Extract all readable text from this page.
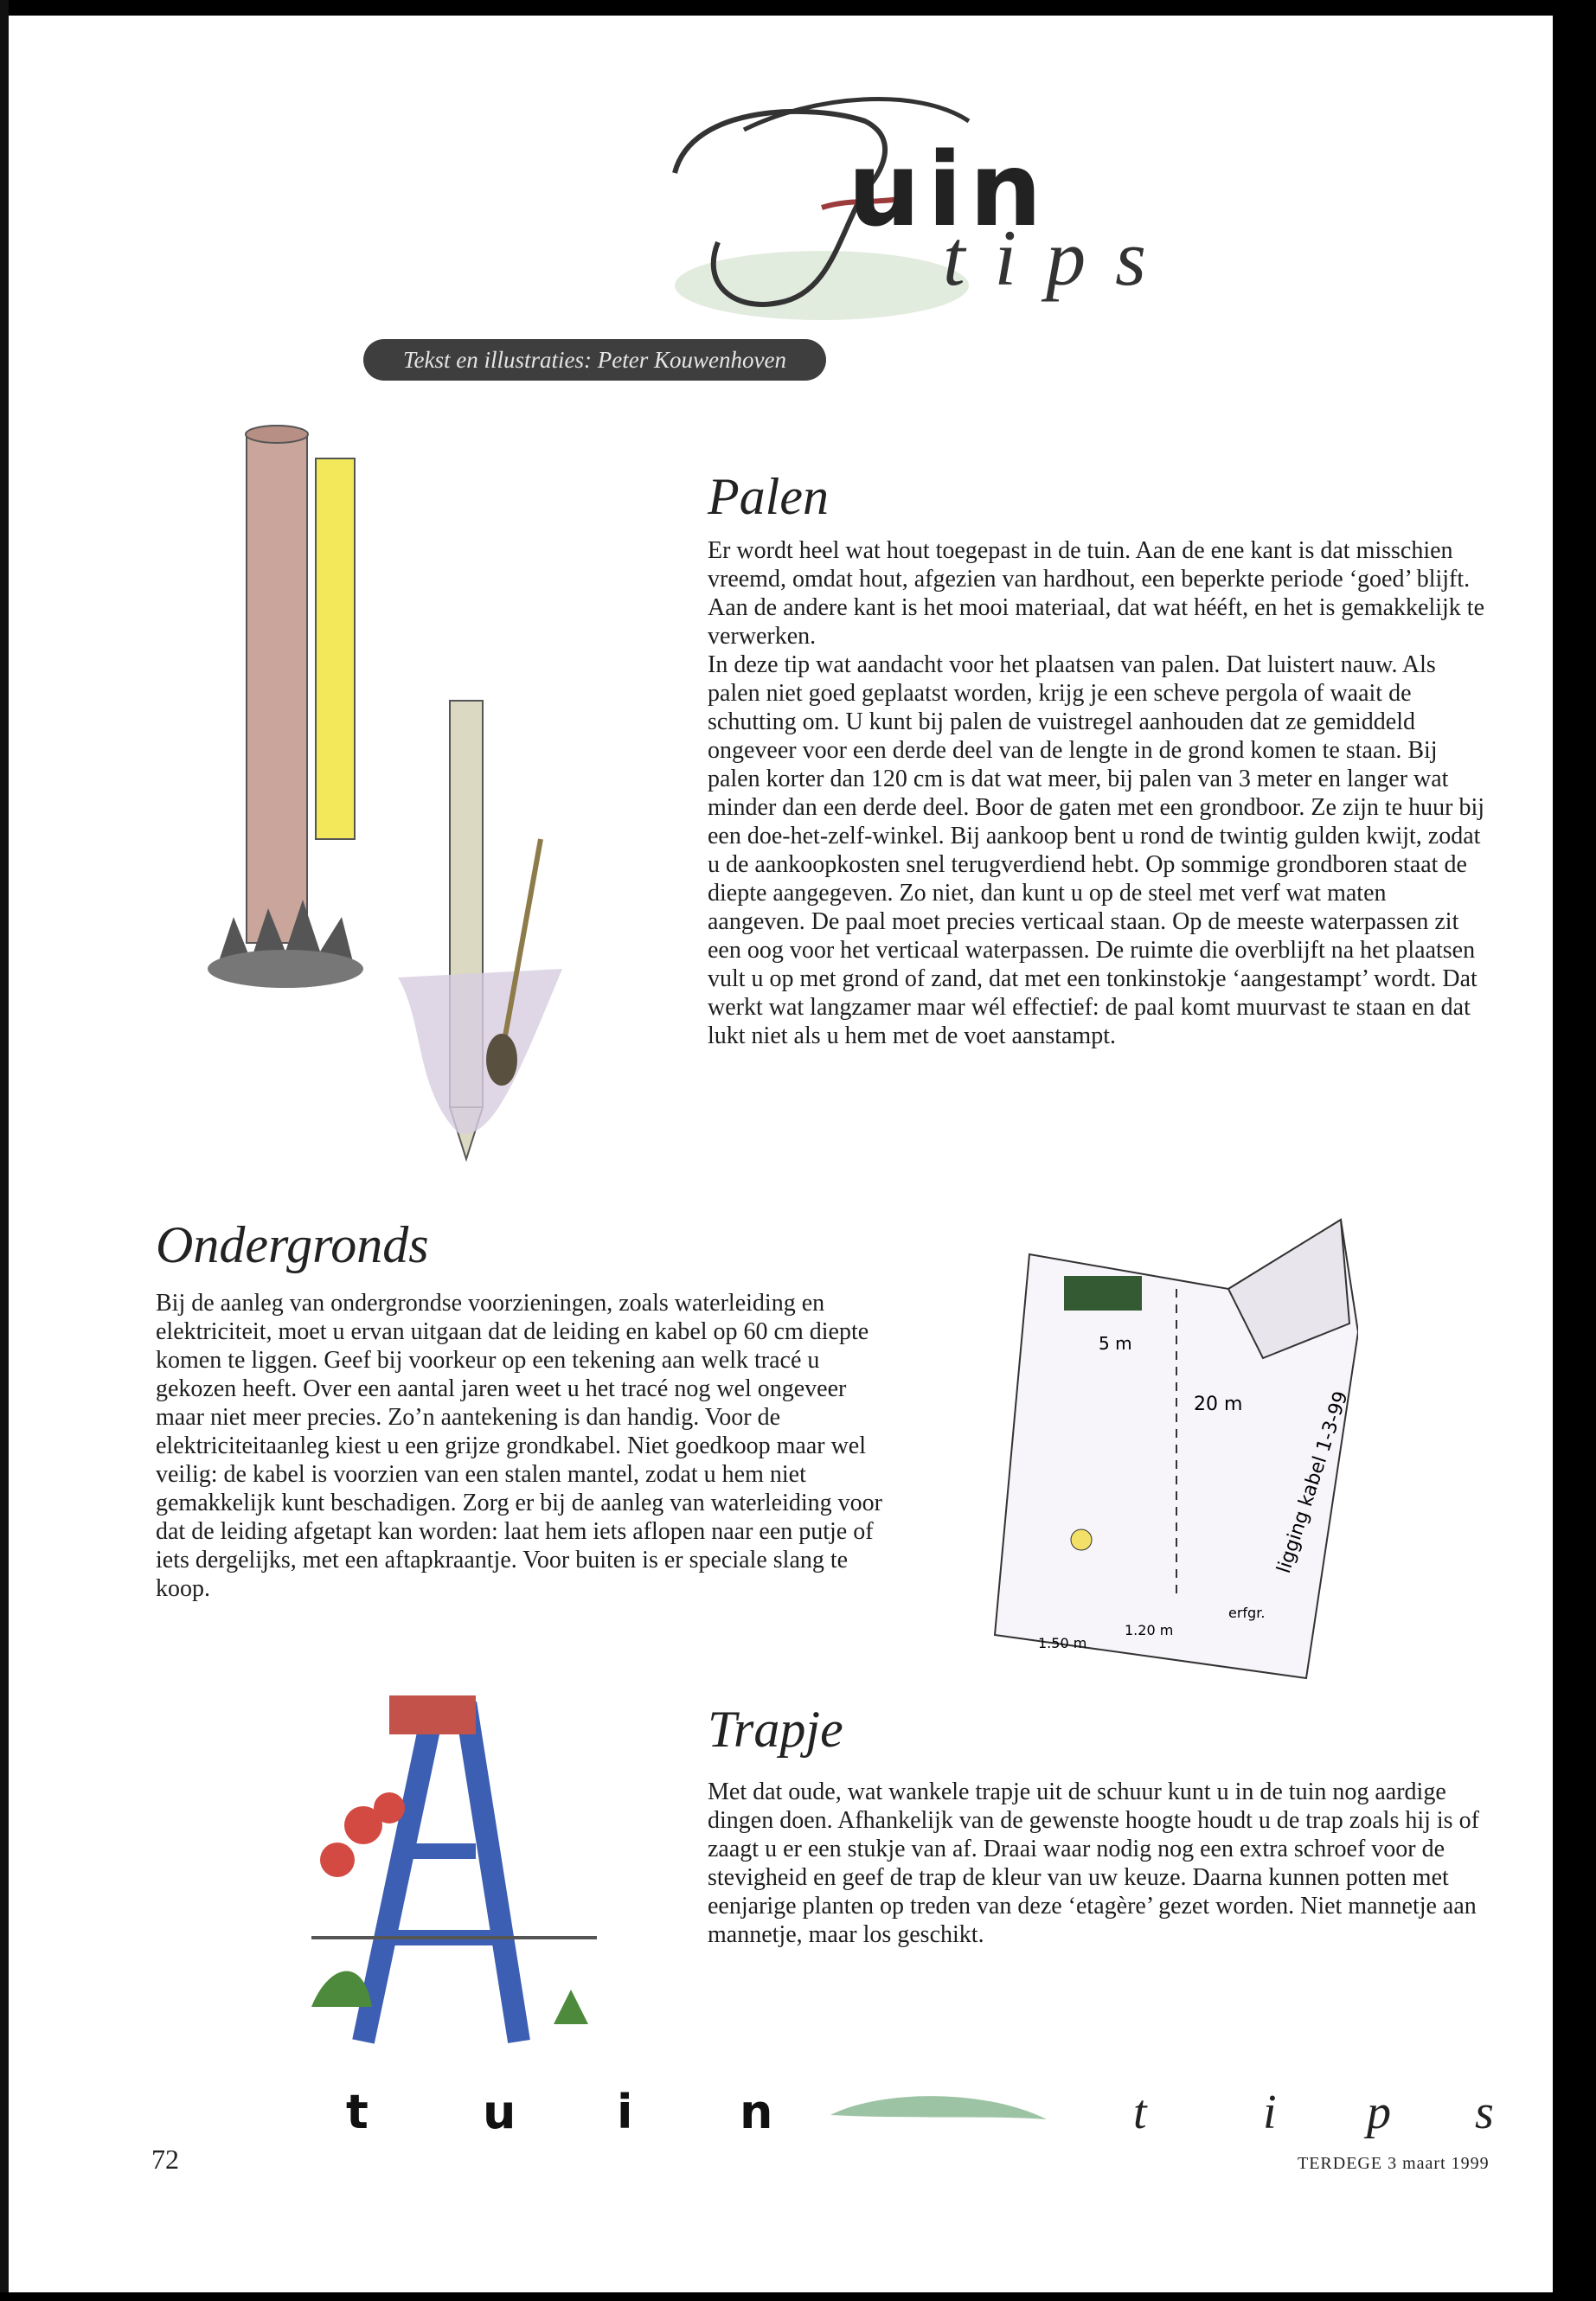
uin
tips
Tekst en illustraties: Peter Kouwenhoven
Palen

Er wordt heel wat hout toegepast in de tuin. Aan de ene kant is dat misschien vreemd, omdat hout, afgezien van hardhout, een beperkte periode ‘goed’ blijft. Aan de andere kant is het mooi materiaal, dat wat hééft, en het is gemakkelijk te verwerken.

In deze tip wat aandacht voor het plaatsen van palen. Dat luistert nauw. Als palen niet goed geplaatst worden, krijg je een scheve pergola of waait de schutting om. U kunt bij palen de vuistregel aanhouden dat ze gemiddeld ongeveer voor een derde deel van de lengte in de grond komen te staan. Bij palen korter dan 120 cm is dat wat meer, bij palen van 3 meter en langer wat minder dan een derde deel. Boor de gaten met een grondboor. Ze zijn te huur bij een doe-het-zelf-winkel. Bij aankoop bent u rond de twintig gulden kwijt, zodat u de aankoopkosten snel terugverdiend hebt. Op sommige grondboren staat de diepte aangegeven. Zo niet, dan kunt u op de steel met verf wat maten aangeven. De paal moet precies verticaal staan. Op de meeste waterpassen zit een oog voor het verticaal waterpassen. De ruimte die overblijft na het plaatsen vult u op met grond of zand, dat met een tonkinstokje ‘aangestampt’ wordt. Dat werkt wat langzamer maar wél effectief: de paal komt muurvast te staan en dat lukt niet als u hem met de voet aanstampt.

Ondergronds

Bij de aanleg van ondergrondse voorzieningen, zoals waterleiding en elektriciteit, moet u ervan uitgaan dat de leiding en kabel op 60 cm diepte komen te liggen. Geef bij voorkeur op een tekening aan welk tracé u gekozen heeft. Over een aantal jaren weet u het tracé nog wel ongeveer maar niet meer precies. Zo’n aantekening is dan handig. Voor de elektriciteitaanleg kiest u een grijze grondkabel. Niet goedkoop maar wel veilig: de kabel is voorzien van een stalen mantel, zodat u hem niet gemakkelijk kunt beschadigen. Zorg er bij de aanleg van waterleiding voor dat de leiding afgetapt kan worden: laat hem iets aflopen naar een putje of iets dergelijks, met een aftapkraantje. Voor buiten is er speciale slang te koop.

5 m
20 m ligging kabel 1-3-99
1.20 m
1.50 m
erfgr.
Trapje

Met dat oude, wat wankele trapje uit de schuur kunt u in de tuin nog aardige dingen doen. Afhankelijk van de gewenste hoogte houdt u de trap zoals hij is of zaagt u er een stukje van af. Draai waar nodig nog een extra schroef voor de stevigheid en geef de trap de kleur van uw keuze. Daarna kunnen potten met eenjarige planten op treden van deze ‘etagère’ gezet worden. Niet mannetje aan mannetje, maar los geschikt.

t u i n	t i p s
72	TERDEGE 3 maart 1999
